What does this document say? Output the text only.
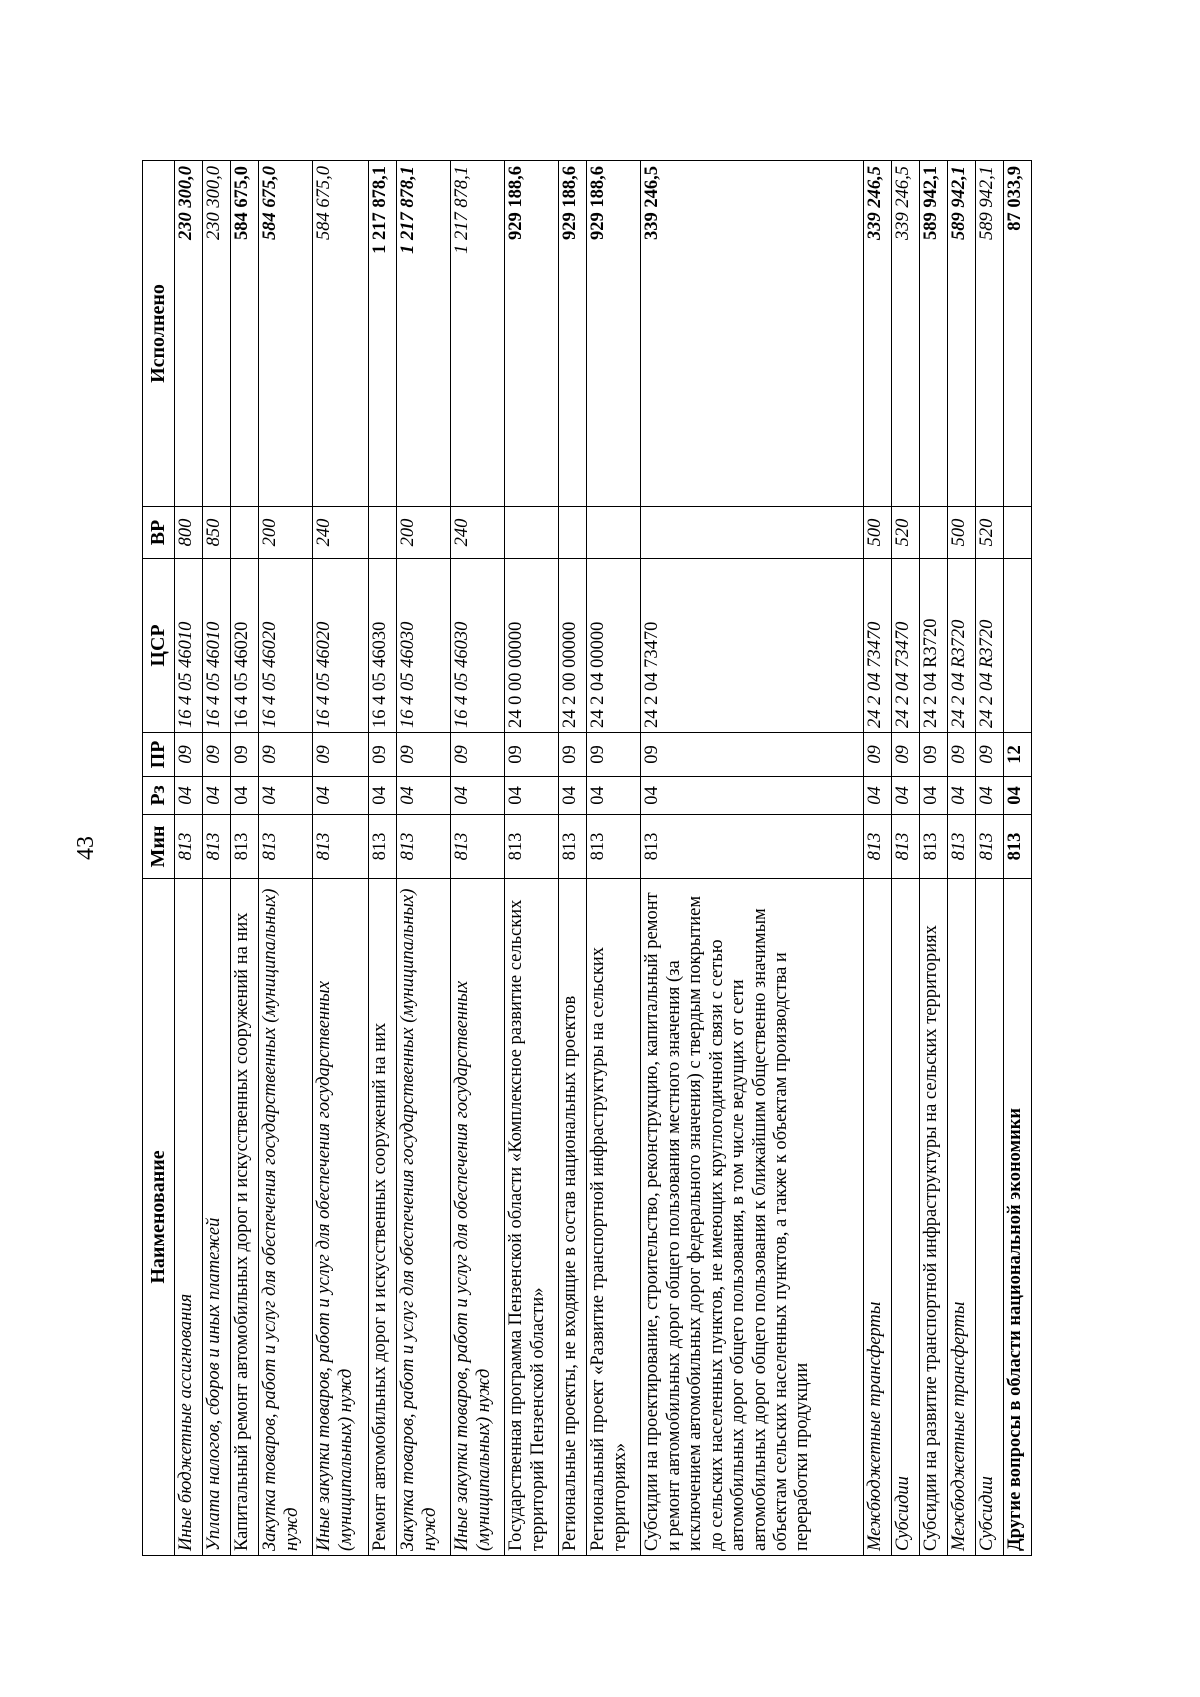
43
Наименование	Мин	Рз	ПР	ЦСР	ВР	Исполнено
Иные бюджетные ассигнования	813	04	09	16 4 05 46010	800	230 300,0
Уплата налогов, сборов и иных платежей	813	04	09	16 4 05 46010	850	230 300,0
Капитальный ремонт автомобильных дорог и искусственных сооружений на них	813	04	09	16 4 05 46020		584 675,0
Закупка товаров, работ и услуг для обеспечения государственных (муниципальных) нужд	813	04	09	16 4 05 46020	200	584 675,0
Иные закупки товаров, работ и услуг для обеспечения государственных (муниципальных) нужд	813	04	09	16 4 05 46020	240	584 675,0
Ремонт автомобильных дорог и искусственных сооружений на них	813	04	09	16 4 05 46030		1 217 878,1
Закупка товаров, работ и услуг для обеспечения государственных (муниципальных) нужд	813	04	09	16 4 05 46030	200	1 217 878,1
Иные закупки товаров, работ и услуг для обеспечения государственных (муниципальных) нужд	813	04	09	16 4 05 46030	240	1 217 878,1
Государственная программа Пензенской области «Комплексное развитие сельских территорий Пензенской области»	813	04	09	24 0 00 00000		929 188,6
Региональные проекты, не входящие в состав национальных проектов	813	04	09	24 2 00 00000		929 188,6
Региональный проект «Развитие транспортной инфраструктуры на сельских территориях»	813	04	09	24 2 04 00000		929 188,6
Субсидии на проектирование, строительство, реконструкцию, капитальный ремонт и ремонт автомобильных дорог общего пользования местного значения (за исключением автомобильных дорог федерального значения) с твердым покрытием до сельских населенных пунктов, не имеющих круглогодичной связи с сетью автомобильных дорог общего пользования, в том числе ведущих от сети автомобильных дорог общего пользования к ближайшим общественно значимым объектам сельских населенных пунктов, а также к объектам производства и переработки продукции	813	04	09	24 2 04 73470		339 246,5
Межбюджетные трансферты	813	04	09	24 2 04 73470	500	339 246,5
Субсидии	813	04	09	24 2 04 73470	520	339 246,5
Субсидии на развитие транспортной инфраструктуры на сельских территориях	813	04	09	24 2 04 R3720		589 942,1
Межбюджетные трансферты	813	04	09	24 2 04 R3720	500	589 942,1
Субсидии	813	04	09	24 2 04 R3720	520	589 942,1
Другие вопросы в области национальной экономики	813	04	12			87 033,9
